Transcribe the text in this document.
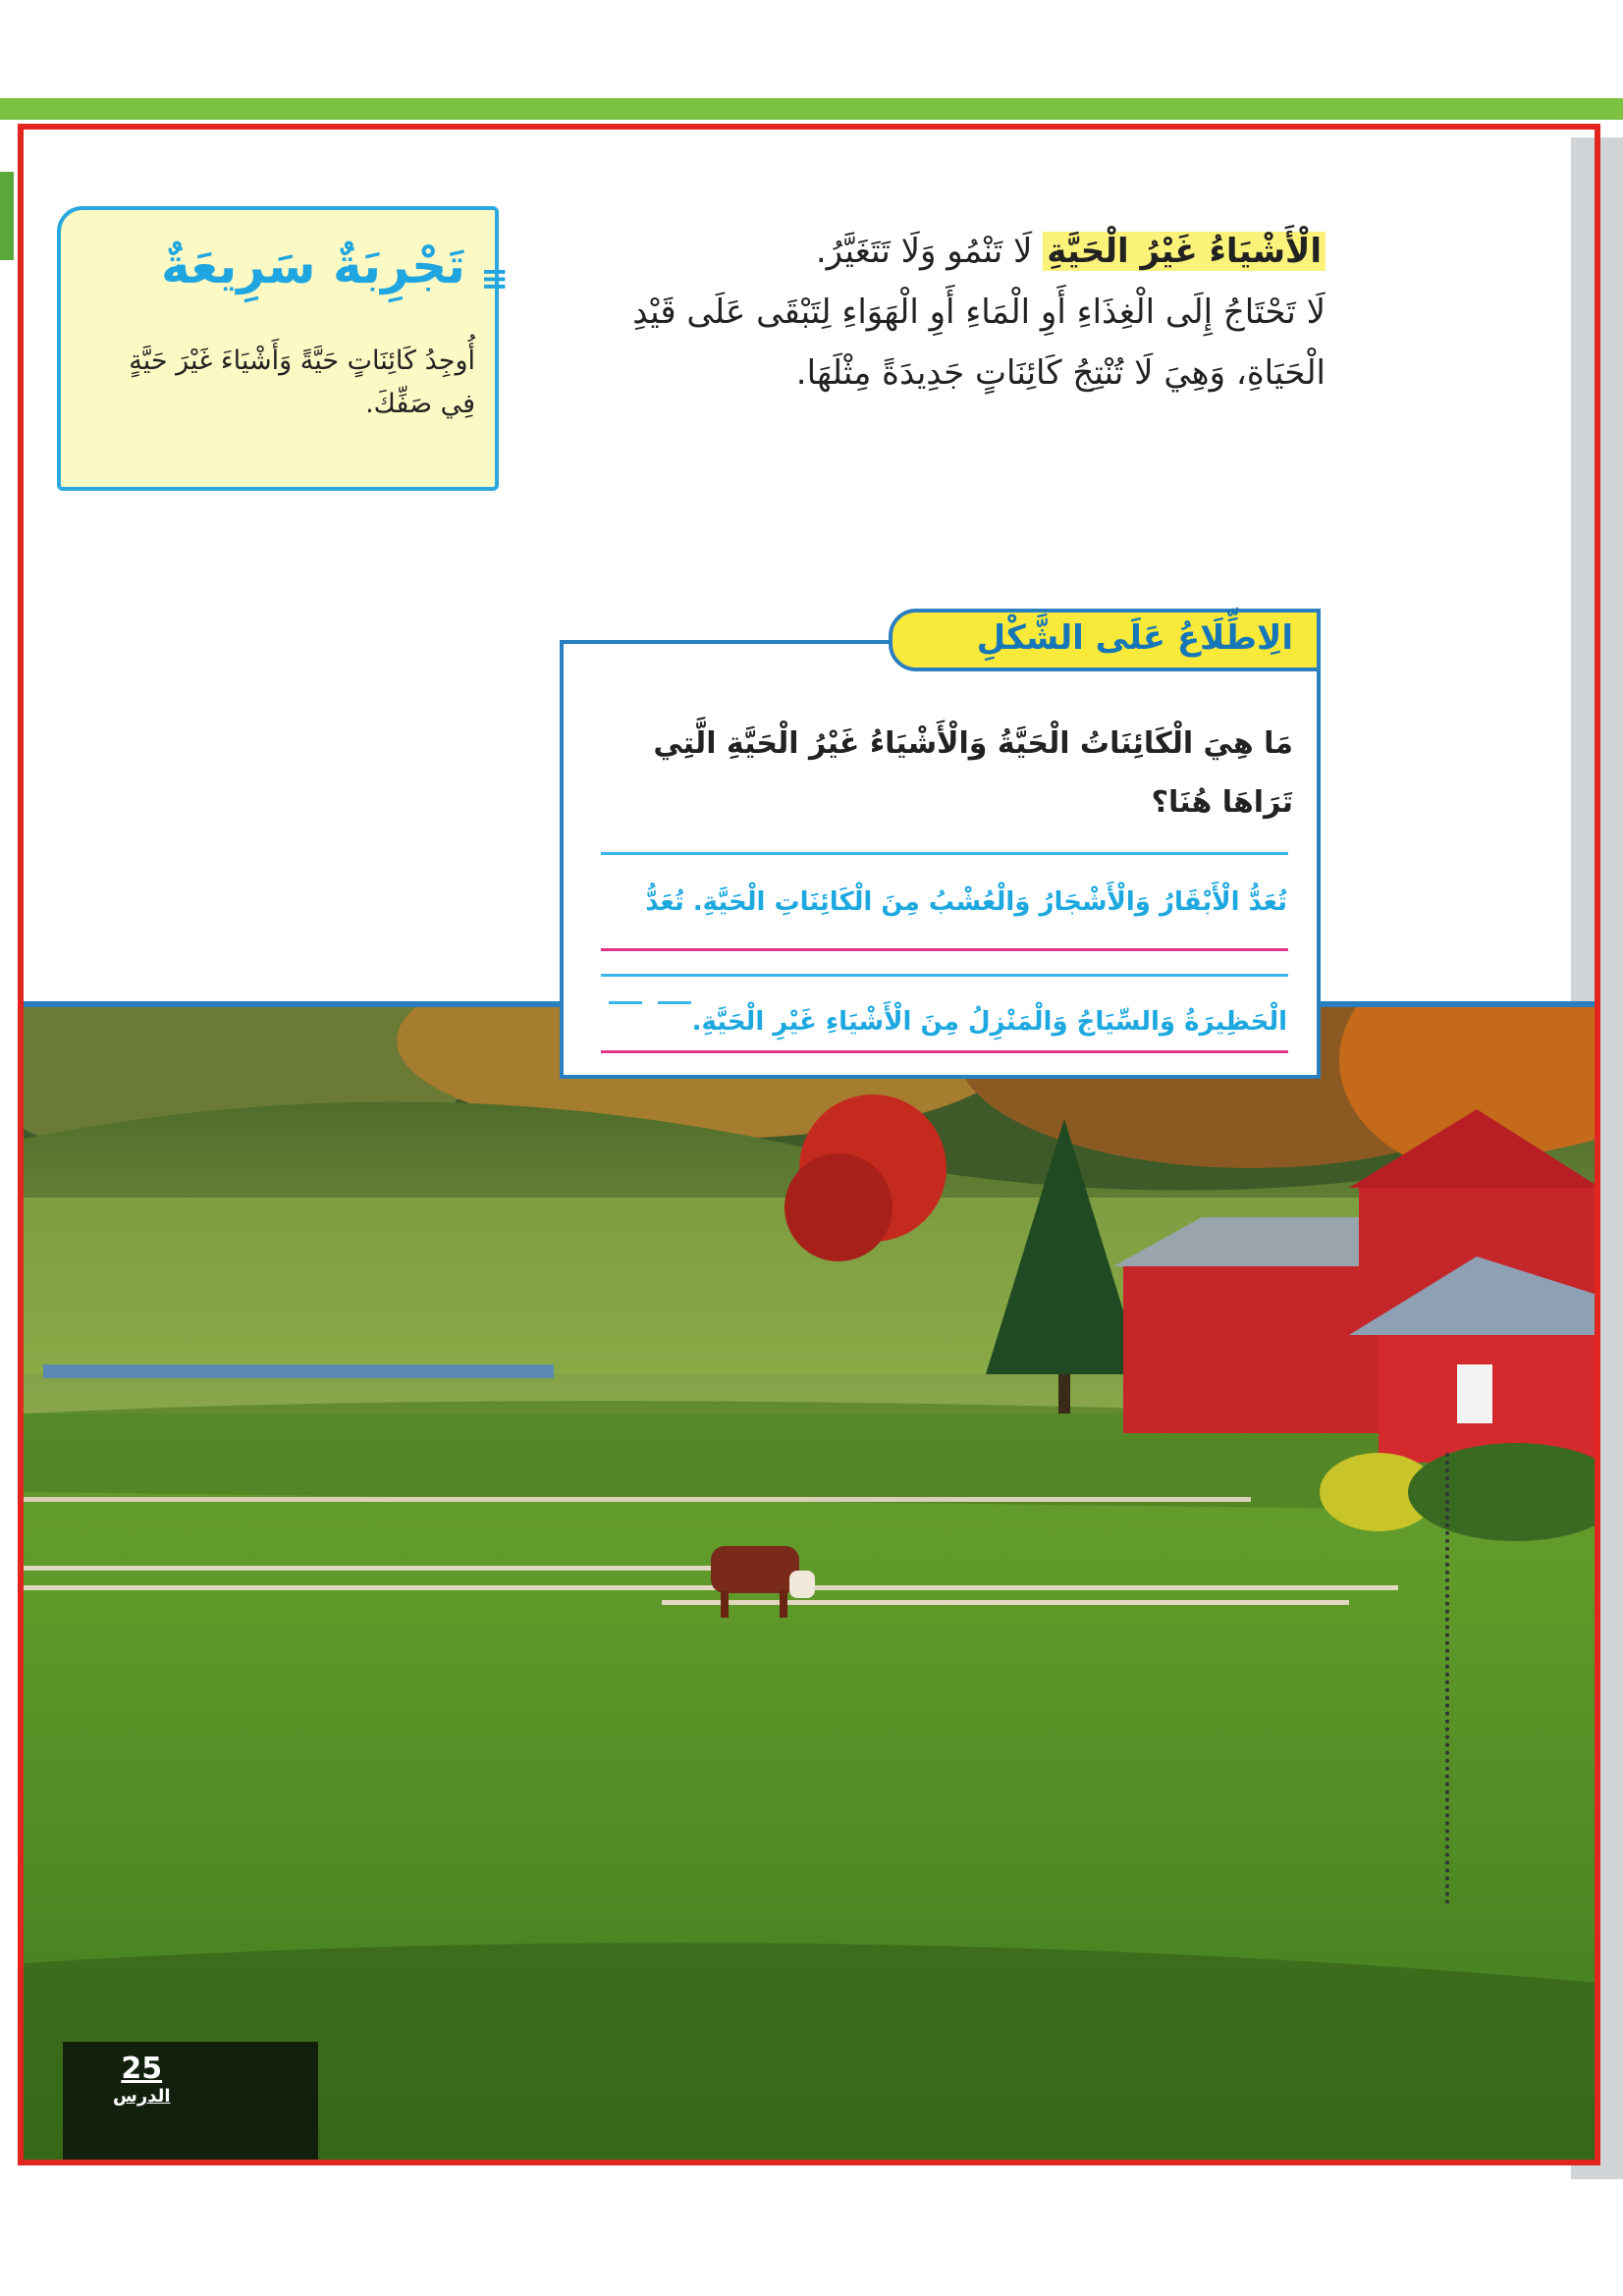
تَجْرِبَةٌ سَرِيعَةٌ ≡
أُوجِدُ كَائِنَاتٍ حَيَّةً وَأَشْيَاءَ غَيْرَ حَيَّةٍ فِي صَفِّكَ.
الْأَشْيَاءُ غَيْرُ الْحَيَّةِ لَا تَنْمُو وَلَا تَتَغَيَّرُ.
لَا تَحْتَاجُ إِلَى الْغِذَاءِ أَوِ الْمَاءِ أَوِ الْهَوَاءِ لِتَبْقَى عَلَى قَيْدِ الْحَيَاةِ، وَهِيَ لَا تُنْتِجُ كَائِنَاتٍ جَدِيدَةً مِثْلَهَا.
مَا هِيَ الْكَائِنَاتُ الْحَيَّةُ وَالْأَشْيَاءُ غَيْرُ الْحَيَّةِ الَّتِي تَرَاهَا هُنَا؟
تُعَدُّ الْأَبْقَارُ وَالْأَشْجَارُ وَالْعُشْبُ مِنَ الْكَائِنَاتِ الْحَيَّةِ. تُعَدُّ
الْحَظِيرَةُ وَالسِّيَاجُ وَالْمَنْزِلُ مِنَ الْأَشْيَاءِ غَيْرِ الْحَيَّةِ.
الِاطِّلَاعُ عَلَى الشَّكْلِ
25
الدرس
